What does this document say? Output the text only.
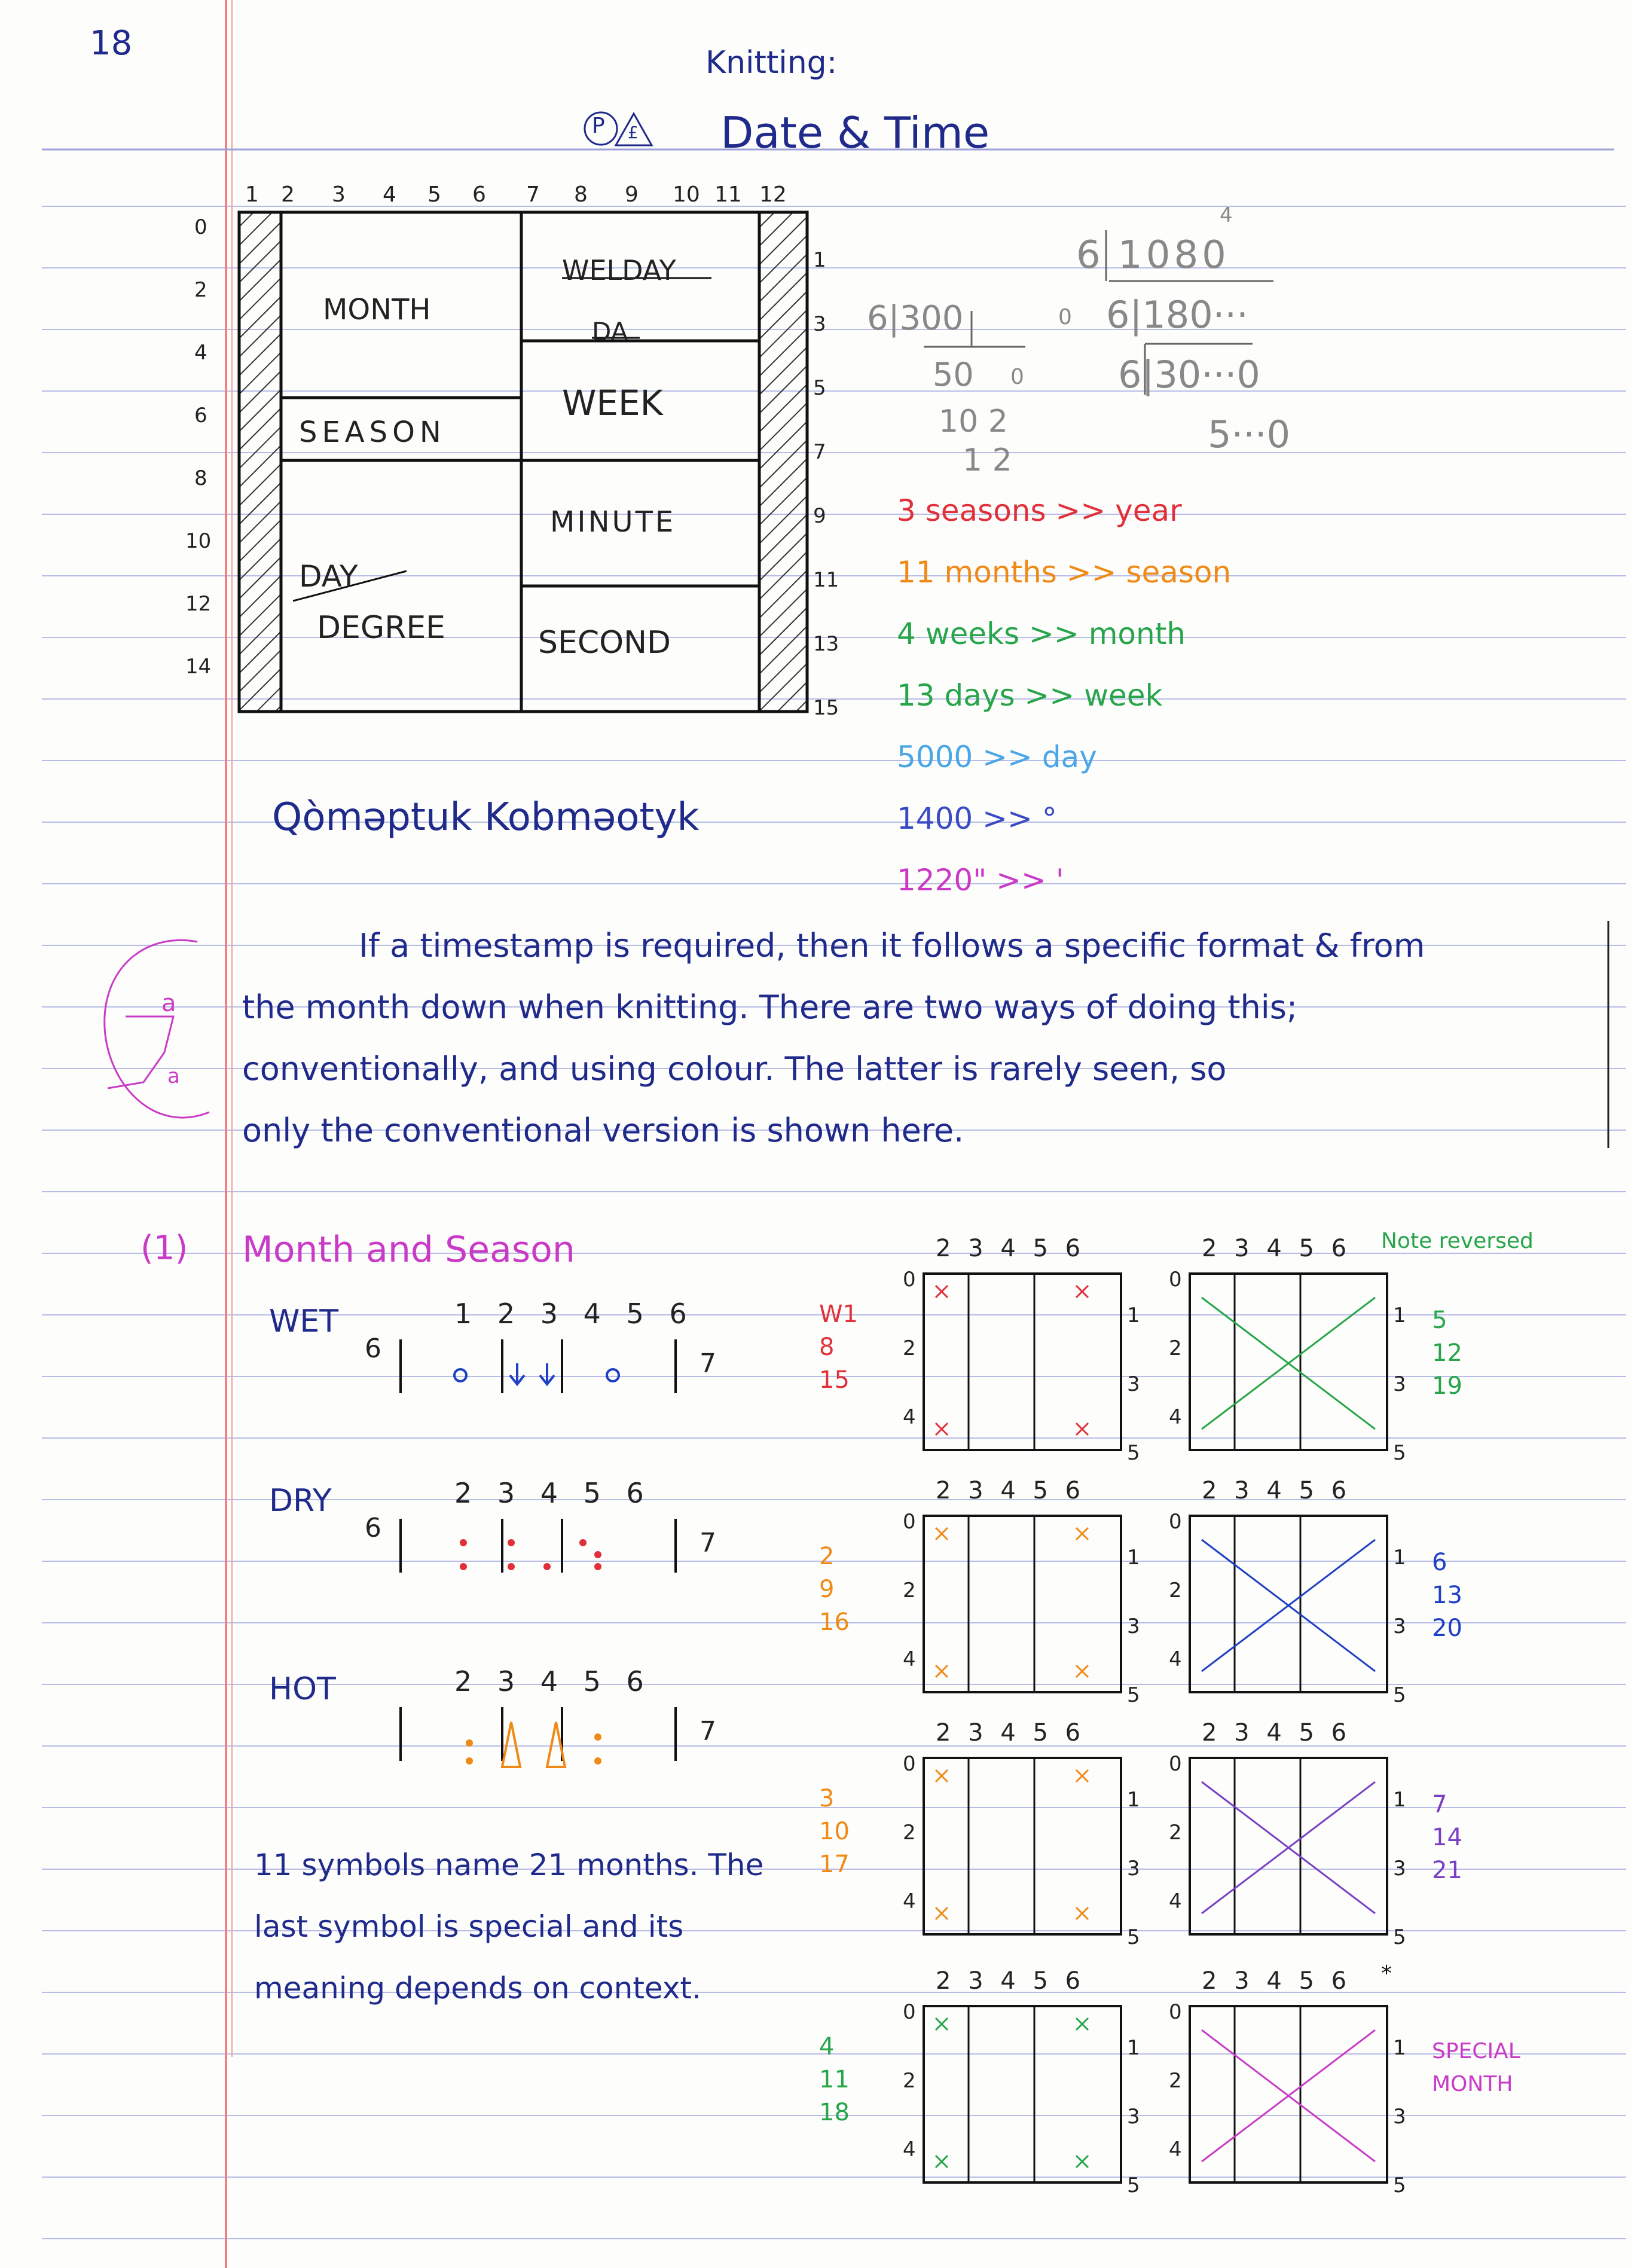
18	Knitting:
P £ Date & Time
0
2
4
6
8
10
12
14
1
3
5
7
9
11
13
15
MONTH
WELDAY
DA
WEEK
SEASON
MINUTE
DAY
DEGREE	SECOND
4
6 1080
6|180···
6|30···0
5···0
6|300	0
50 0
10 2
1 2
3 seasons >> year
11 months >> season
4 weeks >> month
13 days >> week
5000 >> day
1400 >> °
1220" >> '
Qòməptuk Kobməotyk
If a timestamp is required, then it follows a specific format & from
the month down when knitting. There are two ways of doing this;
conventionally, and using colour. The latter is rarely seen, so
only the conventional version is shown here.
a
a
(1) Month and Season
WET	1 2 3 4 5 6
6	7
DRY	2 3 4 5 6
6	7
HOT	2 3 4 5 6
7
11 symbols name 21 months. The
last symbol is special and its
meaning depends on context.
2 3 4 5 6
0
2
4
1
3
5
2 3 4 5 6
0
2
4
1
3
5
W1
8
15
5
12
19
Note reversed
2 3 4 5 6
0
2
4
1
3
5
2 3 4 5 6
0
2
4
1
3
5
2
9
16
6
13
20
2 3 4 5 6
0
2
4
1
3
5
2 3 4 5 6
0
2
4
1
3
5
3
10
17
7
14
21
2 3 4 5 6
0
2
4
1
3
5
2 3 4 5 6
0
2
4
1
3
5
4
11
18
SPECIAL
MONTH
*
1 2 3 4 5 6 7 8 9 10 11 12
